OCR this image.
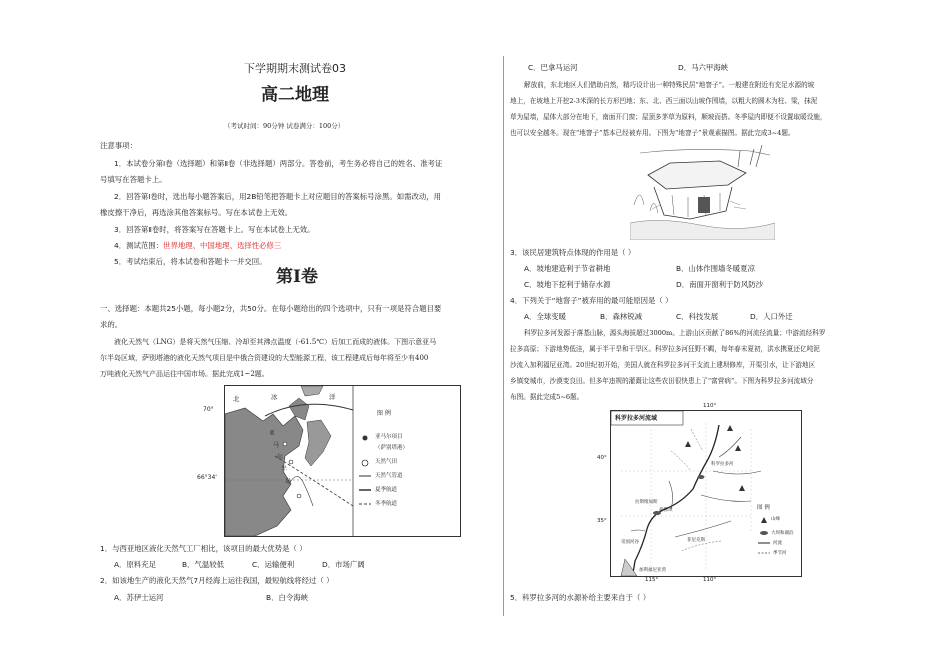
下学期期末测试卷03
高二地理
（考试时间：90分钟 试卷满分：100分）
注意事项：
1．本试卷分第Ⅰ卷（选择题）和第Ⅱ卷（非选择题）两部分。答卷前，考生务必将自己的姓名、准考证
号填写在答题卡上。
2．回答第Ⅰ卷时，选出每小题答案后，用2B铅笔把答题卡上对应题目的答案标号涂黑。如需改动，用
橡皮擦干净后，再选涂其他答案标号。写在本试卷上无效。
3．回答第Ⅱ卷时，将答案写在答题卡上。写在本试卷上无效。
4．测试范围：世界地理、中国地理、选择性必修三
5．考试结束后，将本试卷和答题卡一并交回。
第Ⅰ卷
一、选择题：本题共25小题，每小题2分，共50分。在每小题给出的四个选项中，只有一项是符合题目要
求的。
液化天然气（LNG）是将天然气压缩、冷却至其沸点温度（-61.5℃）后加工而成的液体。下图示意亚马
尔半岛区域，萨别塔港的液化天然气项目是中俄合资建设的大型能源工程，该工程建成后每年将至少有400
万吨液化天然气产品运往中国市场。据此完成1~2题。
70°
66°34'
北	冰	洋
亚
马
尔
半
岛
图 例
亚马尔项目
（萨别塔港）
天然气田
天然气管道
夏季航道
冬季航道
1．与西亚地区液化天然气工厂相比，该项目的最大优势是（ ）
A．原料充足	B．气温较低	C．运输便利	D．市场广阔
2．如该地生产的液化天然气7月经海上运往我国，最短航线将经过（ ）
A．苏伊士运河	B．白令海峡
C．巴拿马运河	D．马六甲海峡
解放前，东北地区人们借助自然，精巧设计出一种特殊民居“地窨子”。一般建在附近有充足水源的坡
地上，在坡地上开挖2-3米深的长方形凹地；东、北、西三面以山坡作围墙，以粗大的圆木为柱、梁，抹泥
草为屋墙，屋体大部分在地下，南面开门窗；屋顶多茅草为原料，顺坡而搭。冬季屋内即便不设置取暖设施，
也可以安全越冬。现在“地窨子”基本已经被弃用。下图为“地窨子”景观素描图。据此完成3~4题。
3．该民居建筑特点体现的作用是（ ）
A．坡地建造利于节省耕地	B．山体作围墙冬暖夏凉
C．坡地下挖利于储存水源	D．南面开窗利于防风防沙
4．下列关于“地窨子”被弃用的最可能原因是（ ）
A．全球变暖	B．森林锐减	C．科技发展	D．人口外迁
科罗拉多河发源于落基山脉，源头海拔超过3000m。上游山区贡献了86%的河流径流量；中游流经科罗
拉多高原；下游地势低洼，属于半干旱和干旱区。科罗拉多河狂野不羁，每年春末夏初，洪水携夏还亿吨泥
沙流入加利福尼亚湾。20世纪初开始，美国人就在科罗拉多河干支流上建坝修库，开渠引水，让下游地区
乡镇变城市，沙漠变良田。但多年违规的灌溉让这些农田很快患上了“富营病”。下图为科罗拉多河流域分
布图。据此完成5~6题。
科罗拉多河流域
110°
40°
35°
115°	110°
科罗拉多河
胡佛坝
加利福尼亚湾
帝国河谷
拉斯维加斯
菲尼克斯
图 例
山峰
大坝和湖泊
河流
季节河
5．科罗拉多河的水源补给主要来自于（ ）
